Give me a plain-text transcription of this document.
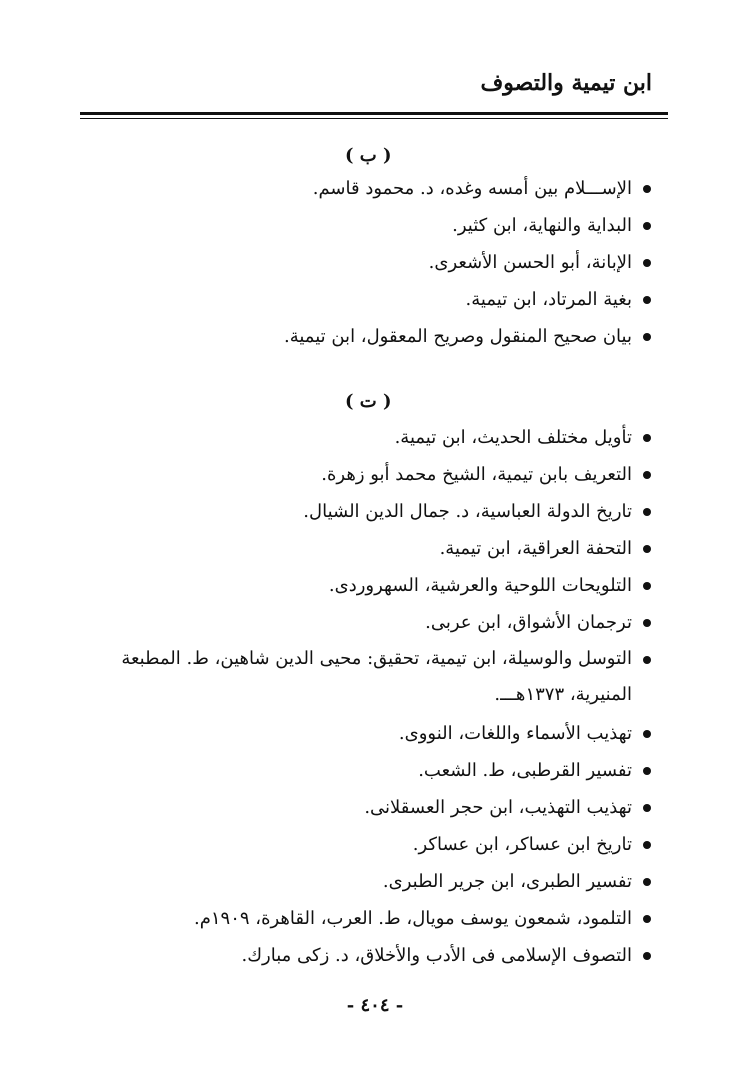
ابن تيمية والتصوف
( ب )
الإســـلام بين أمسه وغده، د. محمود قاسم.
البداية والنهاية، ابن كثير.
الإبانة، أبو الحسن الأشعرى.
بغية المرتاد، ابن تيمية.
بيان صحيح المنقول وصريح المعقول، ابن تيمية.
( ت )
تأويل مختلف الحديث، ابن تيمية.
التعريف بابن تيمية، الشيخ محمد أبو زهرة.
تاريخ الدولة العباسية، د. جمال الدين الشيال.
التحفة العراقية، ابن تيمية.
التلويحات اللوحية والعرشية، السهروردى.
ترجمان الأشواق، ابن عربى.
التوسل والوسيلة، ابن تيمية، تحقيق: محيى الدين شاهين، ط. المطبعة المنيرية، ١٣٧٣هـــ.
تهذيب الأسماء واللغات، النووى.
تفسير القرطبى، ط. الشعب.
تهذيب التهذيب، ابن حجر العسقلانى.
تاريخ ابن عساكر، ابن عساكر.
تفسير الطبرى، ابن جرير الطبرى.
التلمود، شمعون يوسف مويال، ط. العرب، القاهرة، ١٩٠٩م.
التصوف الإسلامى فى الأدب والأخلاق، د. زكى مبارك.
- ٤٠٤ -
